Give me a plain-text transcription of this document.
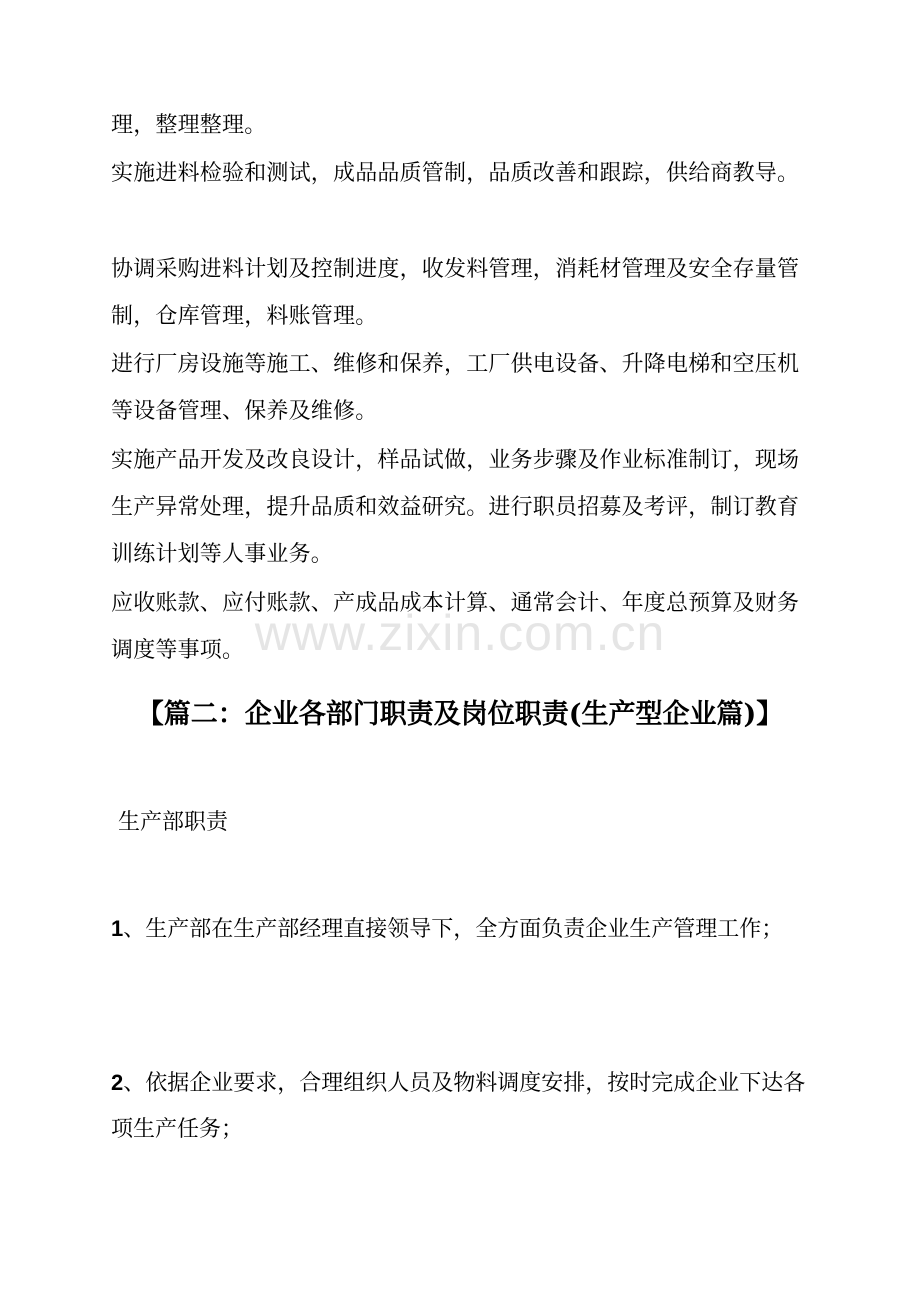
理，整理整理。

实施进料检验和测试，成品品质管制，品质改善和跟踪，供给商教导。

协调采购进料计划及控制进度，收发料管理，消耗材管理及安全存量管制，仓库管理，料账管理。

进行厂房设施等施工、维修和保养，工厂供电设备、升降电梯和空压机等设备管理、保养及维修。

实施产品开发及改良设计，样品试做，业务步骤及作业标准制订，现场生产异常处理，提升品质和效益研究。进行职员招募及考评，制订教育训练计划等人事业务。

应收账款、应付账款、产成品成本计算、通常会计、年度总预算及财务调度等事项。 www.zixin.com.cn
【篇二：企业各部门职责及岗位职责(生产型企业篇)】

生产部职责

1、生产部在生产部经理直接领导下，全方面负责企业生产管理工作；

2、依据企业要求，合理组织人员及物料调度安排，按时完成企业下达各项生产任务；
